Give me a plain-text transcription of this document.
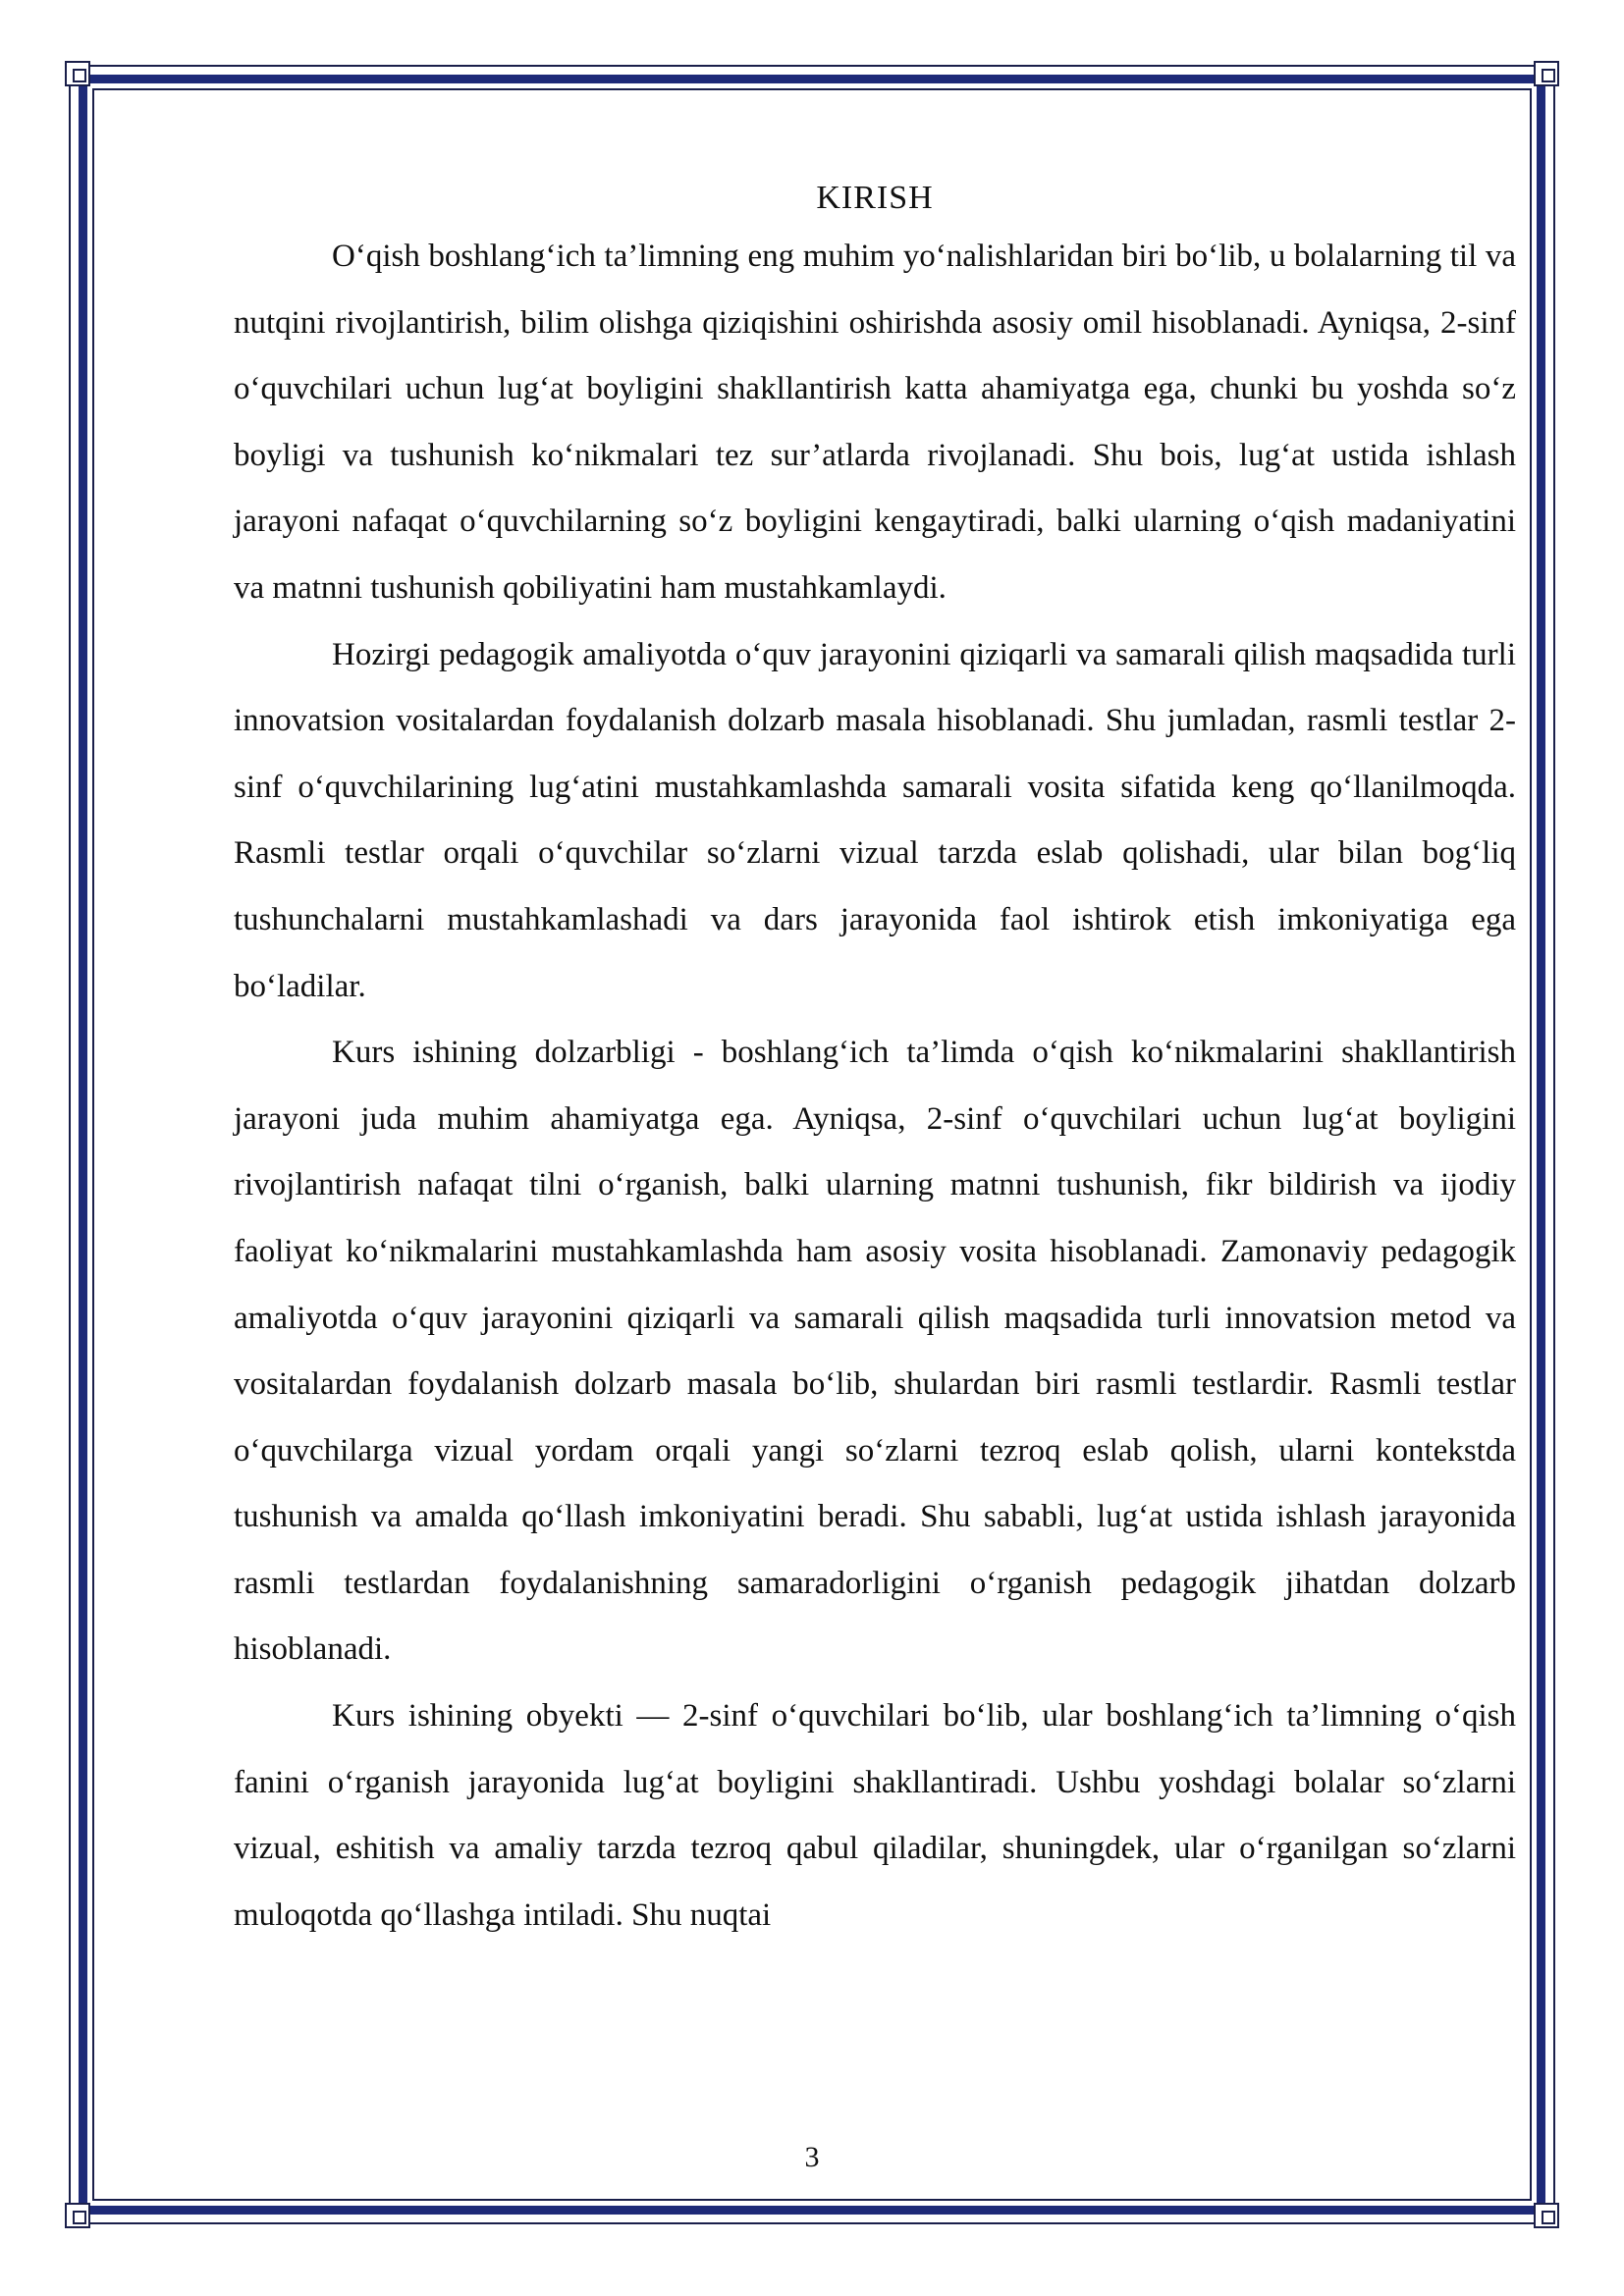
KIRISH

O‘qish boshlang‘ich ta’limning eng muhim yo‘nalishlaridan biri bo‘lib, u bolalarning til va nutqini rivojlantirish, bilim olishga qiziqishini oshirishda asosiy omil hisoblanadi. Ayniqsa, 2-sinf o‘quvchilari uchun lug‘at boyligini shakllantirish katta ahamiyatga ega, chunki bu yoshda so‘z boyligi va tushunish ko‘nikmalari tez sur’atlarda rivojlanadi. Shu bois, lug‘at ustida ishlash jarayoni nafaqat o‘quvchilarning so‘z boyligini kengaytiradi, balki ularning o‘qish madaniyatini va matnni tushunish qobiliyatini ham mustahkamlaydi.

Hozirgi pedagogik amaliyotda o‘quv jarayonini qiziqarli va samarali qilish maqsadida turli innovatsion vositalardan foydalanish dolzarb masala hisoblanadi. Shu jumladan, rasmli testlar 2-sinf o‘quvchilarining lug‘atini mustahkamlashda samarali vosita sifatida keng qo‘llanilmoqda. Rasmli testlar orqali o‘quvchilar so‘zlarni vizual tarzda eslab qolishadi, ular bilan bog‘liq tushunchalarni mustahkamlashadi va dars jarayonida faol ishtirok etish imkoniyatiga ega bo‘ladilar.

Kurs ishining dolzarbligi - boshlang‘ich ta’limda o‘qish ko‘nikmalarini shakllantirish jarayoni juda muhim ahamiyatga ega. Ayniqsa, 2-sinf o‘quvchilari uchun lug‘at boyligini rivojlantirish nafaqat tilni o‘rganish, balki ularning matnni tushunish, fikr bildirish va ijodiy faoliyat ko‘nikmalarini mustahkamlashda ham asosiy vosita hisoblanadi. Zamonaviy pedagogik amaliyotda o‘quv jarayonini qiziqarli va samarali qilish maqsadida turli innovatsion metod va vositalardan foydalanish dolzarb masala bo‘lib, shulardan biri rasmli testlardir. Rasmli testlar o‘quvchilarga vizual yordam orqali yangi so‘zlarni tezroq eslab qolish, ularni kontekstda tushunish va amalda qo‘llash imkoniyatini beradi. Shu sababli, lug‘at ustida ishlash jarayonida rasmli testlardan foydalanishning samaradorligini o‘rganish pedagogik jihatdan dolzarb hisoblanadi.

Kurs ishining obyekti — 2-sinf o‘quvchilari bo‘lib, ular boshlang‘ich ta’limning o‘qish fanini o‘rganish jarayonida lug‘at boyligini shakllantiradi. Ushbu yoshdagi bolalar so‘zlarni vizual, eshitish va amaliy tarzda tezroq qabul qiladilar, shuningdek, ular o‘rganilgan so‘zlarni muloqotda qo‘llashga intiladi. Shu nuqtai

3
